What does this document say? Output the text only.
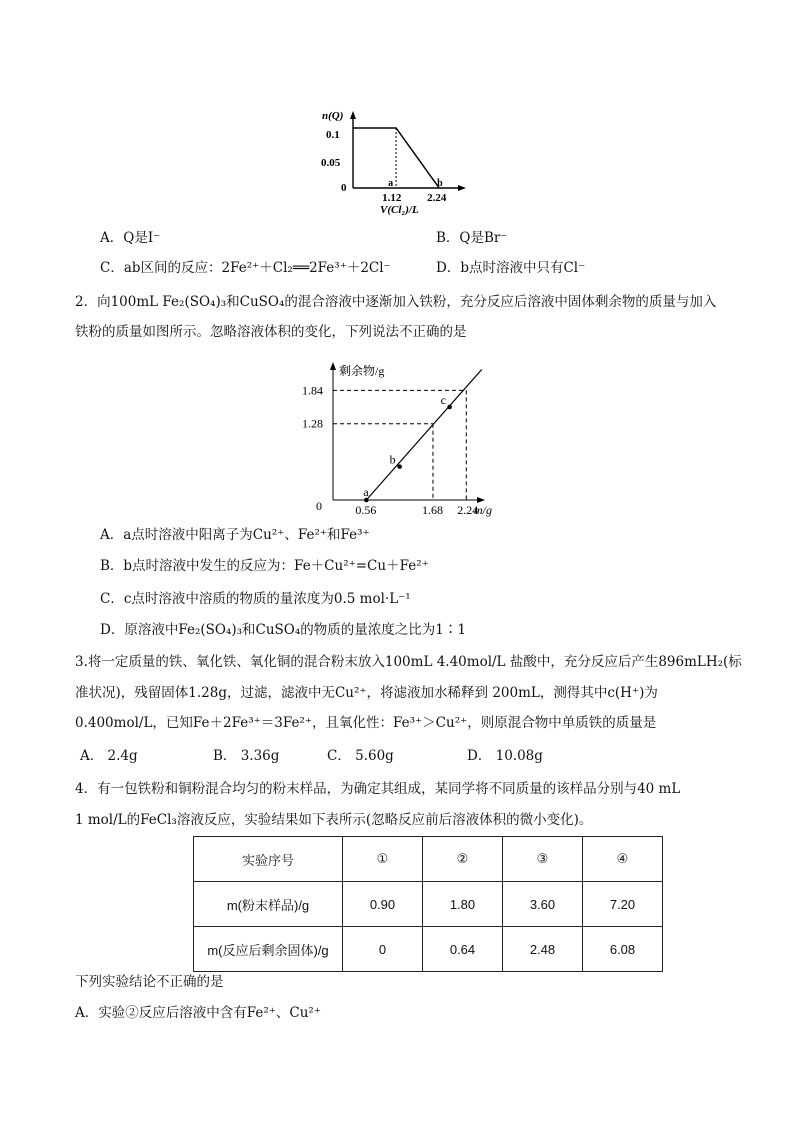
n(Q)
0.1
0.05
0	a	b
1.12 2.24
V(Cl₂)/L
A．Q是I⁻	B．Q是Br⁻
C．ab区间的反应：2Fe²⁺＋Cl₂══2Fe³⁺＋2Cl⁻	D．b点时溶液中只有Cl⁻
2．向100mL Fe₂(SO₄)₃和CuSO₄的混合溶液中逐渐加入铁粉，充分反应后溶液中固体剩余物的质量与加入
铁粉的质量如图所示。忽略溶液体积的变化，下列说法不正确的是
剩余物/g
1.84
1.28
0	0.56	1.68 2.24
m/g
a
b
c
A．a点时溶液中阳离子为Cu²⁺、Fe²⁺和Fe³⁺
B．b点时溶液中发生的反应为：Fe＋Cu²⁺=Cu＋Fe²⁺
C．c点时溶液中溶质的物质的量浓度为0.5 mol·L⁻¹
D．原溶液中Fe₂(SO₄)₃和CuSO₄的物质的量浓度之比为1∶1
3.将一定质量的铁、氧化铁、氧化铜的混合粉末放入100mL 4.40mol/L 盐酸中，充分反应后产生896mLH₂(标
准状况)，残留固体1.28g，过滤，滤液中无Cu²⁺，将滤液加水稀释到 200mL，测得其中c(H⁺)为
0.400mol/L，已知Fe＋2Fe³⁺＝3Fe²⁺，且氧化性：Fe³⁺＞Cu²⁺，则原混合物中单质铁的质量是
A． 2.4g	B． 3.36g	C． 5.60g	D． 10.08g
4．有一包铁粉和铜粉混合均匀的粉末样品，为确定其组成，某同学将不同质量的该样品分别与40 mL
1 mol/L的FeCl₃溶液反应，实验结果如下表所示(忽略反应前后溶液体积的微小变化)。
实验序号	①	②	③	④
m(粉末样品)/g	0.90	1.80	3.60	7.20
m(反应后剩余固体)/g	0	0.64	2.48	6.08
下列实验结论不正确的是
A．实验②反应后溶液中含有Fe²⁺、Cu²⁺
